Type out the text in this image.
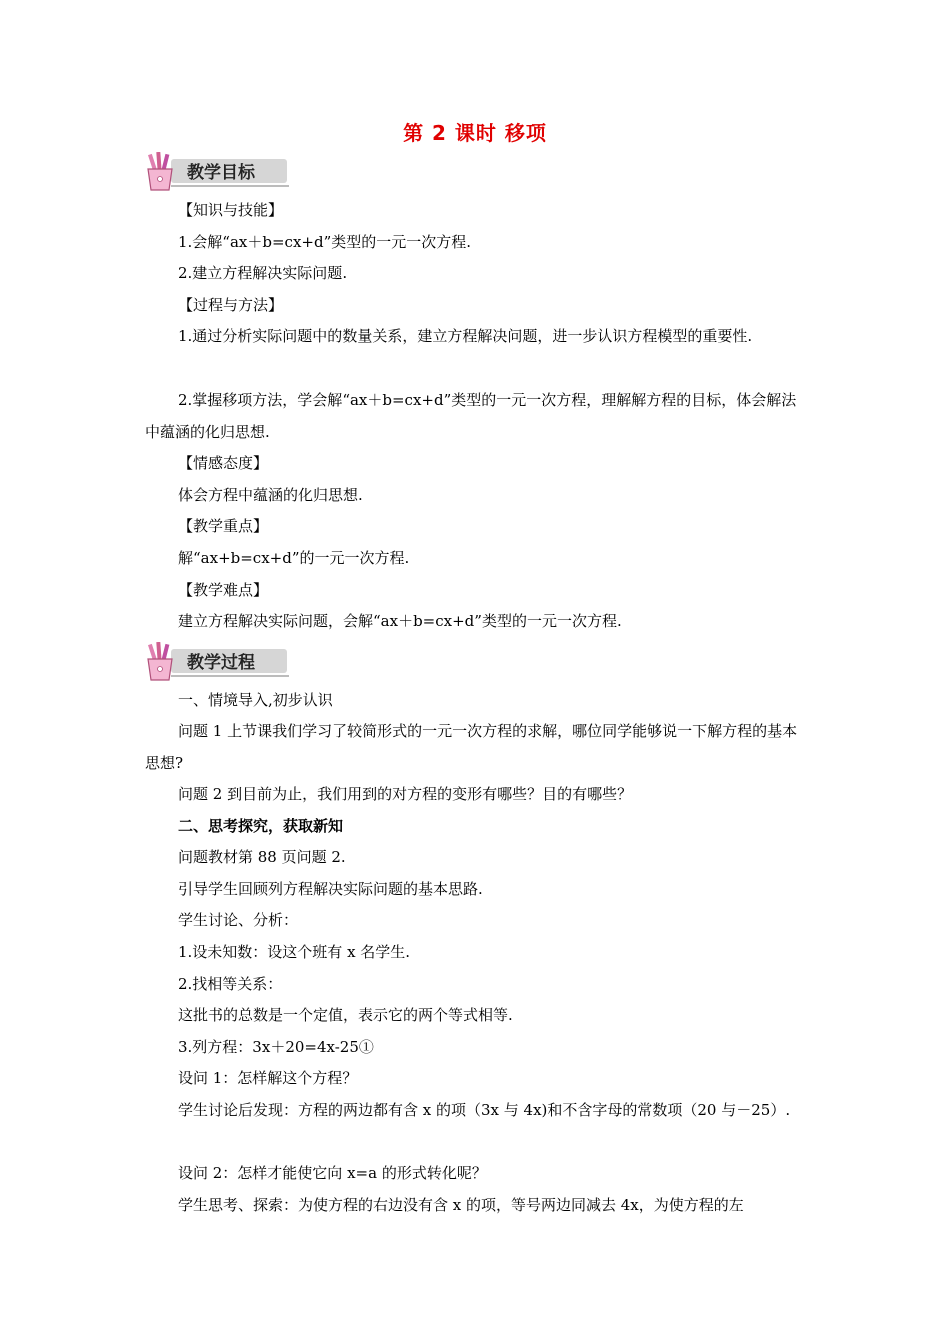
第 2 课时 移项
教学目标
教学过程
【知识与技能】
1.会解“ax＋b=cx+d”类型的一元一次方程.
2.建立方程解决实际问题.
【过程与方法】
1.通过分析实际问题中的数量关系，建立方程解决问题，进一步认识方程模型的重要性.
2.掌握移项方法，学会解“ax＋b=cx+d”类型的一元一次方程，理解解方程的目标，体会解法中蕴涵的化归思想.
【情感态度】
体会方程中蕴涵的化归思想.
【教学重点】
解“ax+b=cx+d”的一元一次方程.
【教学难点】
建立方程解决实际问题，会解“ax＋b=cx+d”类型的一元一次方程.
一、情境导入,初步认识
问题 1 上节课我们学习了较简形式的一元一次方程的求解，哪位同学能够说一下解方程的基本思想?
问题 2 到目前为止，我们用到的对方程的变形有哪些？目的有哪些？
二、思考探究，获取新知
问题教材第 88 页问题 2.
引导学生回顾列方程解决实际问题的基本思路.
学生讨论、分析：
1.设未知数：设这个班有 x 名学生.
2.找相等关系：
这批书的总数是一个定值，表示它的两个等式相等.
3.列方程：3x＋20=4x-25①
设问 1：怎样解这个方程？
学生讨论后发现：方程的两边都有含 x 的项（3x 与 4x)和不含字母的常数项（20 与－25）.
设问 2：怎样才能使它向 x=a 的形式转化呢？
学生思考、探索：为使方程的右边没有含 x 的项，等号两边同减去 4x，为使方程的左
